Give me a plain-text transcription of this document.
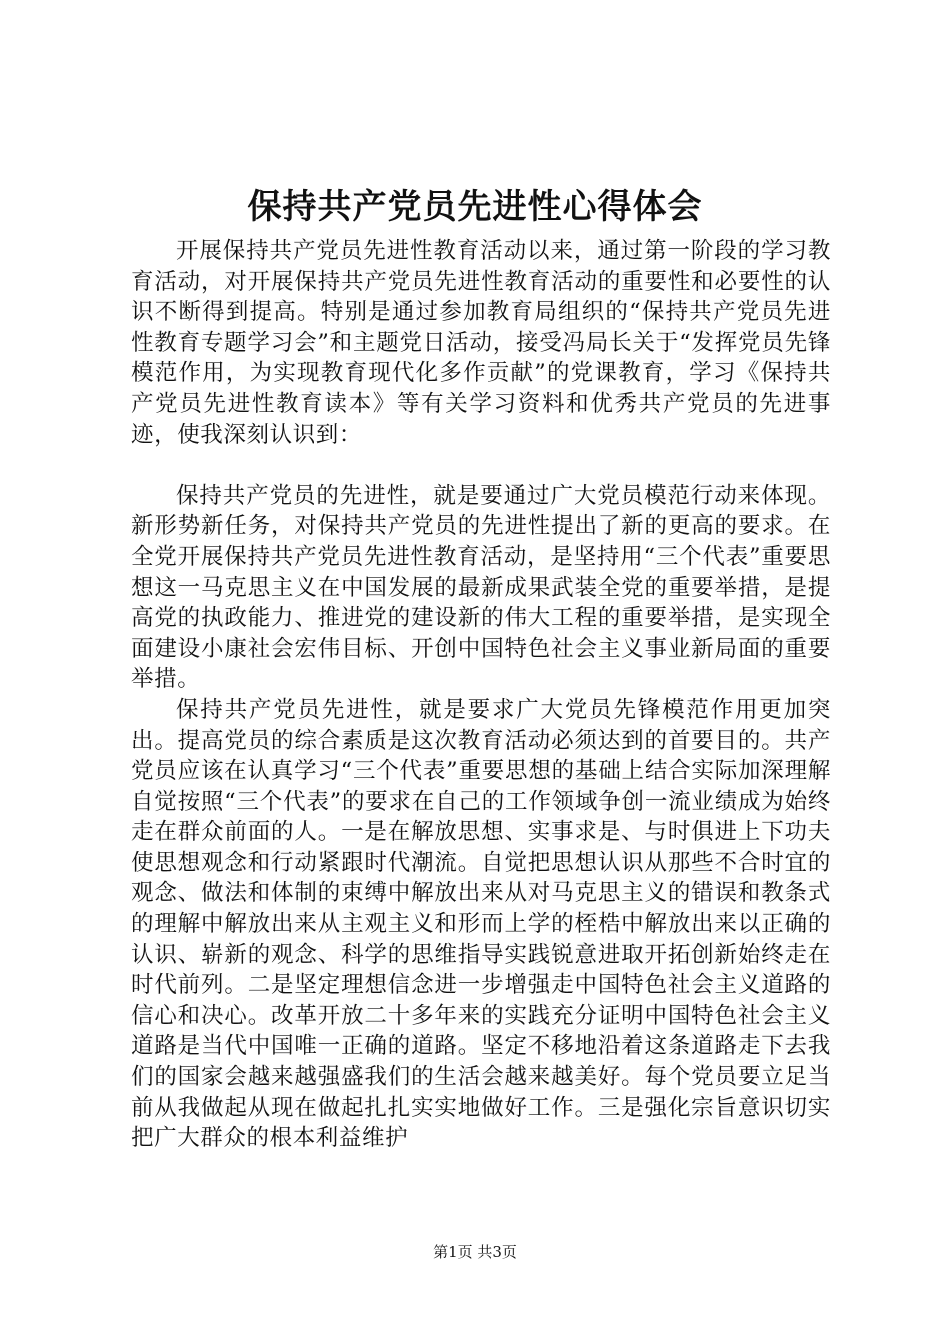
保持共产党员先进性心得体会

开展保持共产党员先进性教育活动以来，通过第一阶段的学习教育活动，对开展保持共产党员先进性教育活动的重要性和必要性的认识不断得到提高。特别是通过参加教育局组织的“保持共产党员先进性教育专题学习会”和主题党日活动，接受冯局长关于“发挥党员先锋模范作用，为实现教育现代化多作贡献”的党课教育，学习《保持共产党员先进性教育读本》等有关学习资料和优秀共产党员的先进事迹，使我深刻认识到：

保持共产党员的先进性，就是要通过广大党员模范行动来体现。新形势新任务，对保持共产党员的先进性提出了新的更高的要求。在全党开展保持共产党员先进性教育活动，是坚持用“三个代表”重要思想这一马克思主义在中国发展的最新成果武装全党的重要举措，是提高党的执政能力、推进党的建设新的伟大工程的重要举措，是实现全面建设小康社会宏伟目标、开创中国特色社会主义事业新局面的重要举措。

保持共产党员先进性，就是要求广大党员先锋模范作用更加突出。提高党员的综合素质是这次教育活动必须达到的首要目的。共产党员应该在认真学习“三个代表”重要思想的基础上结合实际加深理解自觉按照“三个代表”的要求在自己的工作领域争创一流业绩成为始终走在群众前面的人。一是在解放思想、实事求是、与时俱进上下功夫使思想观念和行动紧跟时代潮流。自觉把思想认识从那些不合时宜的观念、做法和体制的束缚中解放出来从对马克思主义的错误和教条式的理解中解放出来从主观主义和形而上学的桎梏中解放出来以正确的认识、崭新的观念、科学的思维指导实践锐意进取开拓创新始终走在时代前列。二是坚定理想信念进一步增强走中国特色社会主义道路的信心和决心。改革开放二十多年来的实践充分证明中国特色社会主义道路是当代中国唯一正确的道路。坚定不移地沿着这条道路走下去我们的国家会越来越强盛我们的生活会越来越美好。每个党员要立足当前从我做起从现在做起扎扎实实地做好工作。三是强化宗旨意识切实把广大群众的根本利益维护

第1页 共3页
